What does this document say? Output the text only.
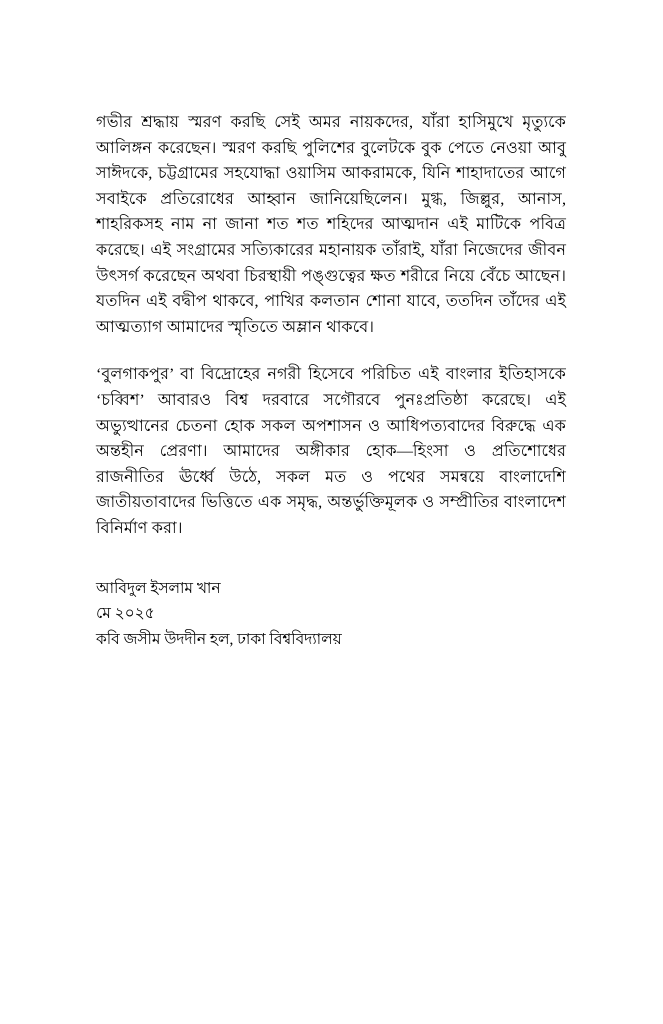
গভীর শ্রদ্ধায় স্মরণ করছি সেই অমর নায়কদের, যাঁরা হাসিমুখে মৃত্যুকে আলিঙ্গন করেছেন। স্মরণ করছি পুলিশের বুলেটকে বুক পেতে নেওয়া আবু সাঈদকে, চট্টগ্রামের সহযোদ্ধা ওয়াসিম আকরামকে, যিনি শাহাদাতের আগে সবাইকে প্রতিরোধের আহ্বান জানিয়েছিলেন। মুগ্ধ, জিল্লুর, আনাস, শাহরিকসহ নাম না জানা শত শত শহিদের আত্মদান এই মাটিকে পবিত্র করেছে। এই সংগ্রামের সত্যিকারের মহানায়ক তাঁরাই, যাঁরা নিজেদের জীবন উৎসর্গ করেছেন অথবা চিরস্থায়ী পঙ্গুত্বের ক্ষত শরীরে নিয়ে বেঁচে আছেন। যতদিন এই বদ্বীপ থাকবে, পাখির কলতান শোনা যাবে, ততদিন তাঁদের এই আত্মত্যাগ আমাদের স্মৃতিতে অম্লান থাকবে।

‘বুলগাকপুর’ বা বিদ্রোহের নগরী হিসেবে পরিচিত এই বাংলার ইতিহাসকে ‘চব্বিশ’ আবারও বিশ্ব দরবারে সগৌরবে পুনঃপ্রতিষ্ঠা করেছে। এই অভ্যুত্থানের চেতনা হোক সকল অপশাসন ও আধিপত্যবাদের বিরুদ্ধে এক অন্তহীন প্রেরণা। আমাদের অঙ্গীকার হোক—হিংসা ও প্রতিশোধের রাজনীতির ঊর্ধ্বে উঠে, সকল মত ও পথের সমন্বয়ে বাংলাদেশি জাতীয়তাবাদের ভিত্তিতে এক সমৃদ্ধ, অন্তর্ভুক্তিমূলক ও সম্প্রীতির বাংলাদেশ বিনির্মাণ করা।

আবিদুল ইসলাম খান

মে ২০২৫

কবি জসীম উদদীন হল, ঢাকা বিশ্ববিদ্যালয়
